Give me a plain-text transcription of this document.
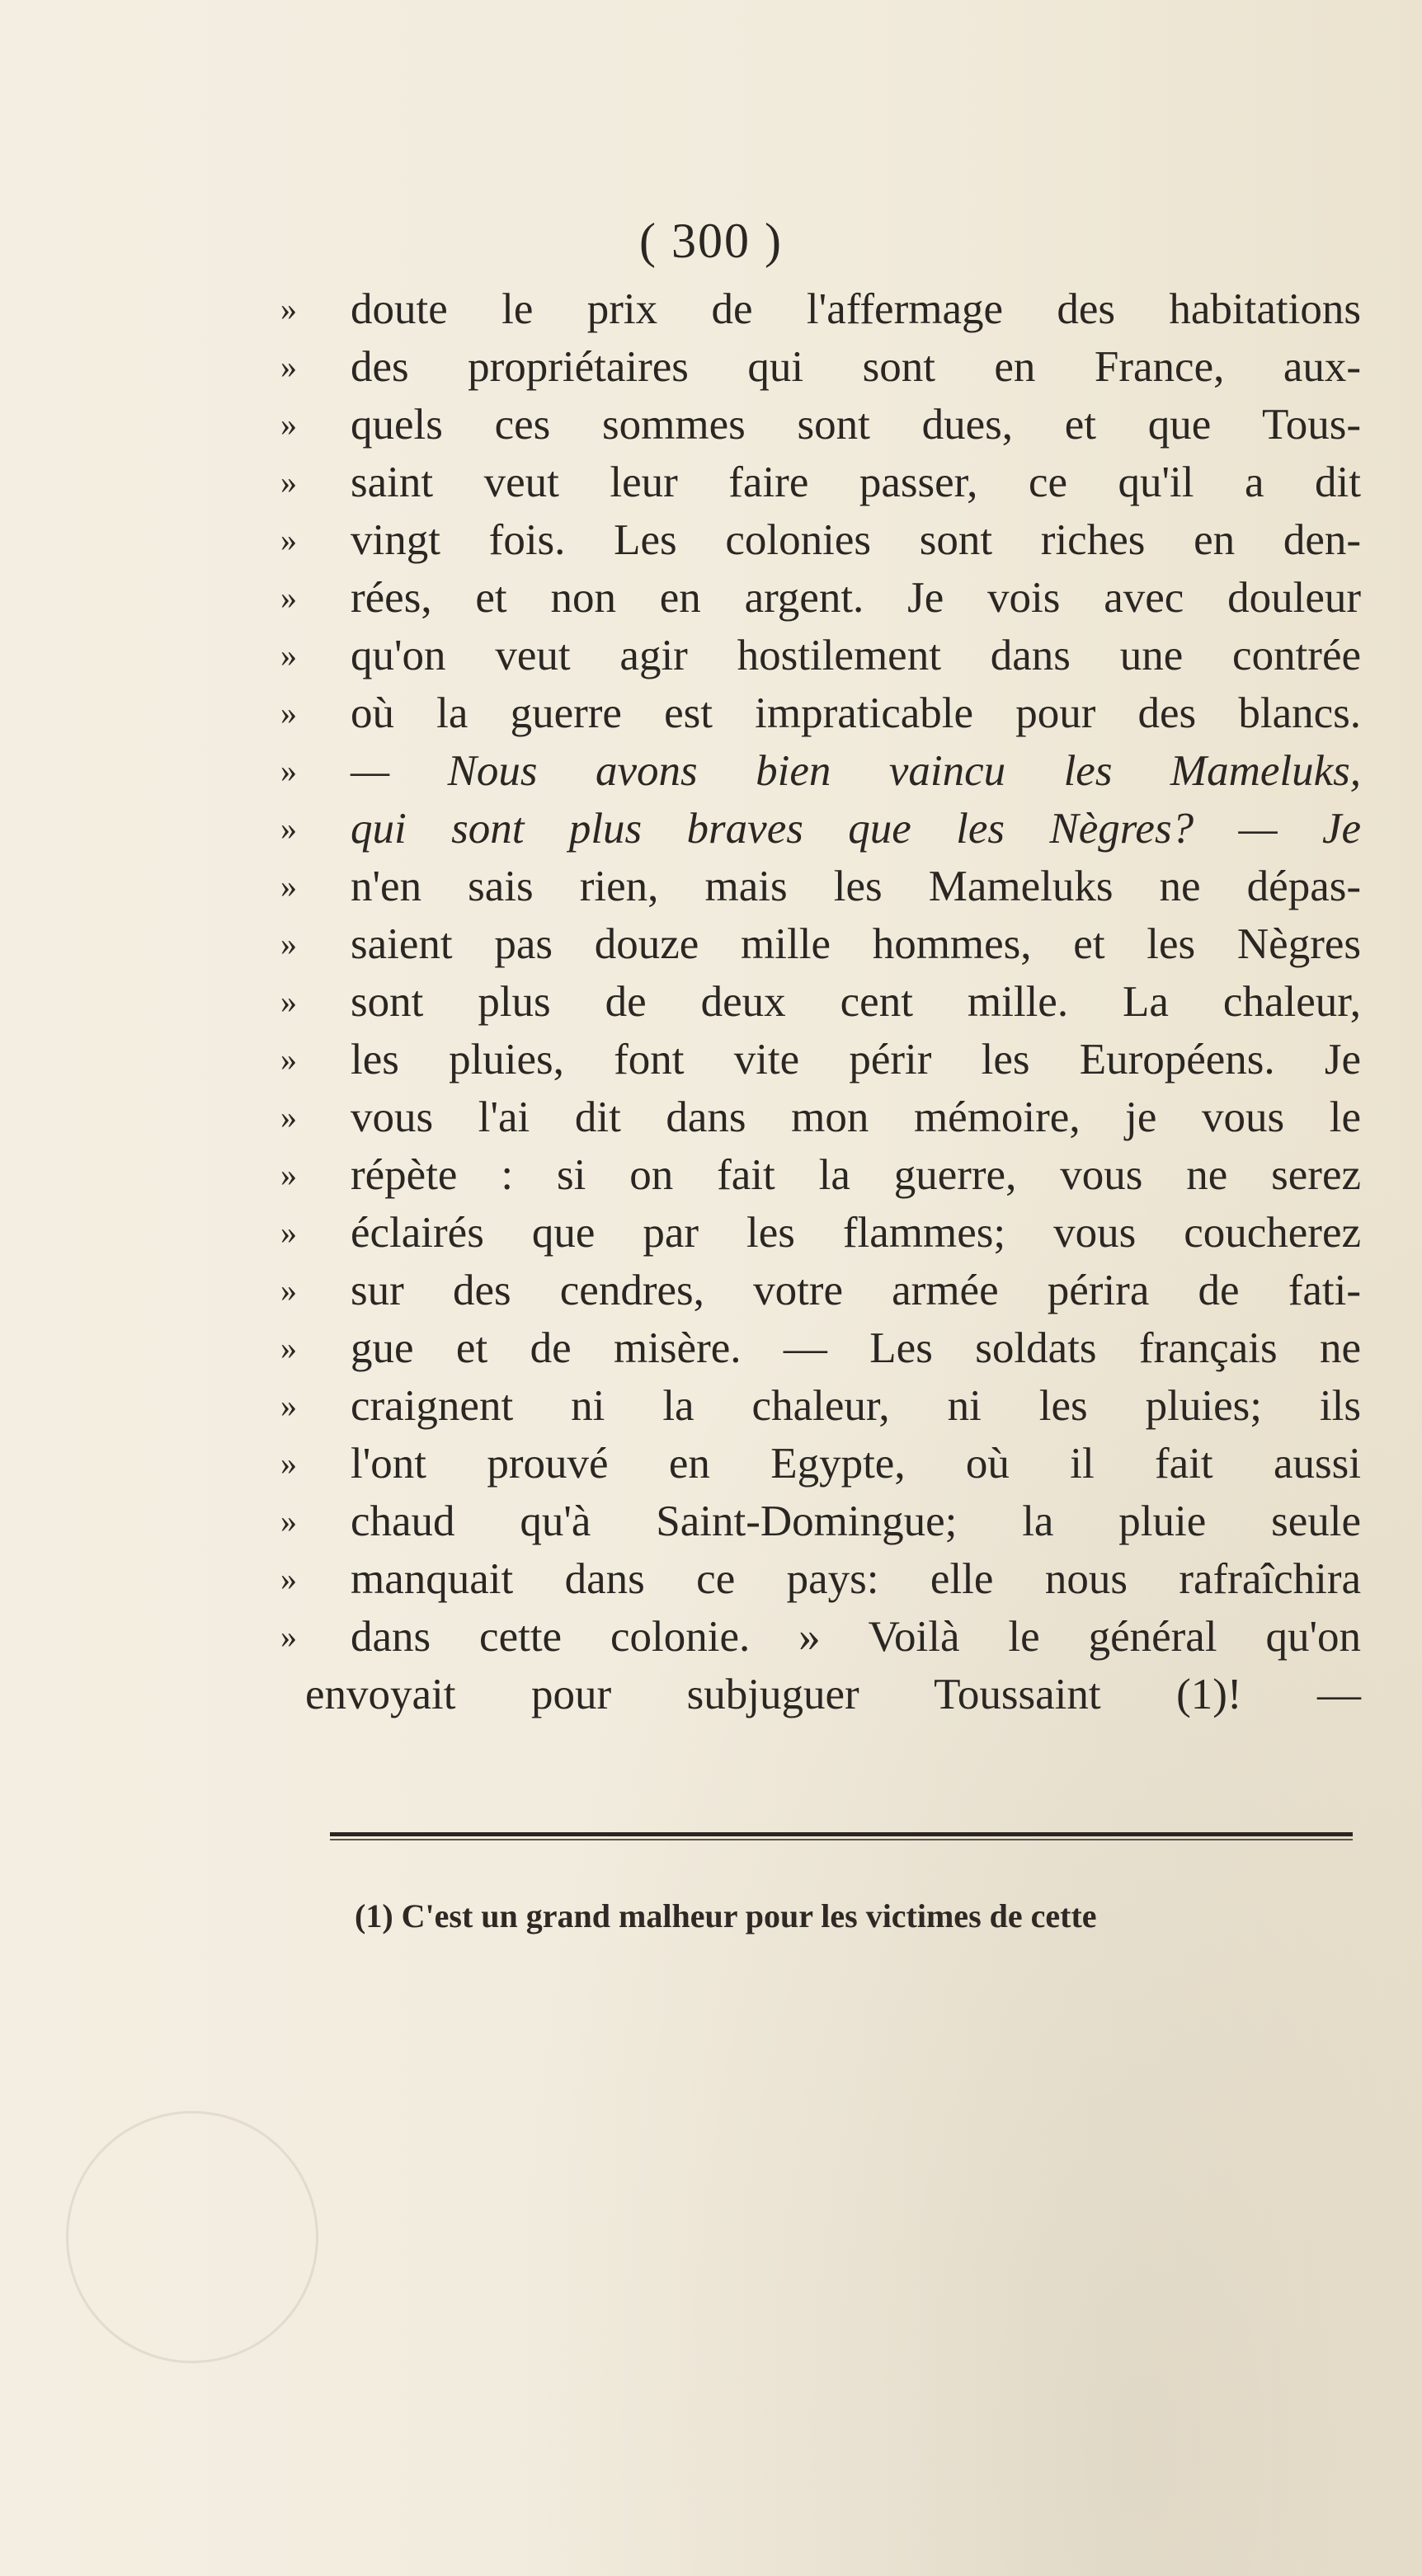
( 300 )
»	doute le prix de l'affermage des habitations
»	des propriétaires qui sont en France, aux-
»	quels ces sommes sont dues, et que Tous-
»	saint veut leur faire passer, ce qu'il a dit
»	vingt fois. Les colonies sont riches en den-
»	rées, et non en argent. Je vois avec douleur
»	qu'on veut agir hostilement dans une contrée
»	où la guerre est impraticable pour des blancs.
»	— Nous avons bien vaincu les Mameluks,
»	qui sont plus braves que les Nègres? — Je
»	n'en sais rien, mais les Mameluks ne dépas-
»	saient pas douze mille hommes, et les Nègres
»	sont plus de deux cent mille. La chaleur,
»	les pluies, font vite périr les Européens. Je
»	vous l'ai dit dans mon mémoire, je vous le
»	répète : si on fait la guerre, vous ne serez
»	éclairés que par les flammes; vous coucherez
»	sur des cendres, votre armée périra de fati-
»	gue et de misère. — Les soldats français ne
»	craignent ni la chaleur, ni les pluies; ils
»	l'ont prouvé en Egypte, où il fait aussi
»	chaud qu'à Saint-Domingue; la pluie seule
»	manquait dans ce pays: elle nous rafraîchira
»	dans cette colonie. » Voilà le général qu'on
envoyait pour subjuguer Toussaint (1)! —
(1) C'est un grand malheur pour les victimes de cette
